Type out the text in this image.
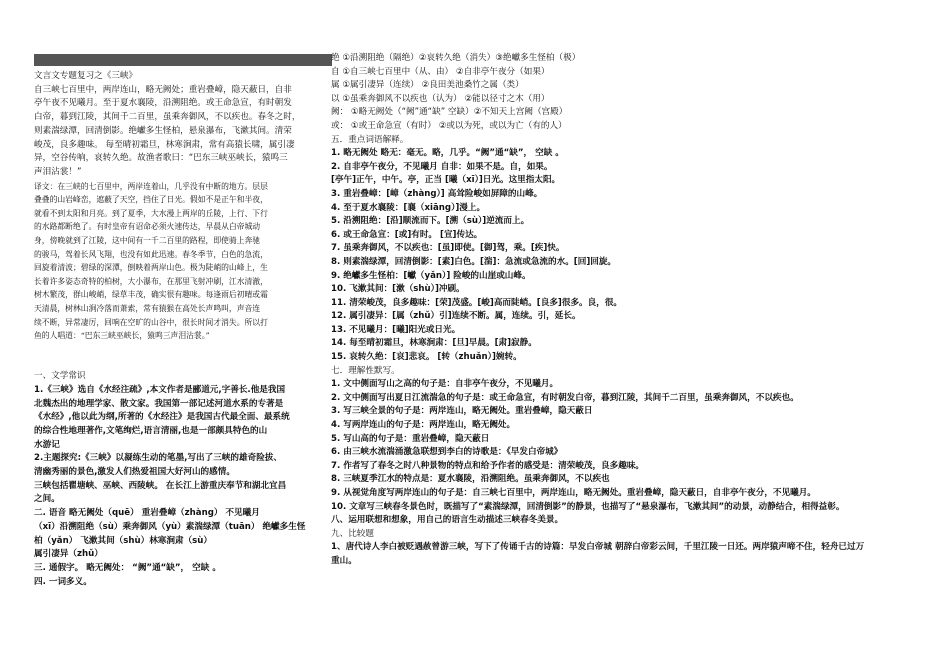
文言文专题复习之《三峡》
自三峡七百里中，两岸连山，略无阙处；重岩叠嶂，隐天蔽日，自非
亭午夜不见曦月。至于夏水襄陵，沿溯阻绝。或王命急宣，有时朝发
白帝，暮到江陵，其间千二百里，虽乘奔御风，不以疾也。春冬之时，
则素湍绿潭，回清倒影。绝巘多生怪柏，悬泉瀑布，飞漱其间。清荣
峻茂，良多趣味。 每至晴初霜旦，林寒涧肃，常有高猿长啸，属引凄
异，空谷传响，哀转久绝。故渔者歌曰：“巴东三峡巫峡长，猿鸣三
声泪沾裳！”
译文：在三峡的七百里中，两岸连着山，几乎没有中断的地方。层层
叠叠的山岩峰峦，遮蔽了天空，挡住了日光。假如不是正午和半夜，
就看不到太阳和月亮。到了夏季，大水漫上两岸的丘陵，上行、下行
的水路都断绝了。有时皇帝有诏命必须火速传达，早晨从白帝城动
身，傍晚就到了江陵，这中间有一千二百里的路程，即使骑上奔驰
的骏马，驾着长风飞翔，也没有如此迅速。春冬季节，白色的急流，
回旋着清波；碧绿的深潭，倒映着两岸山色。极为陡峭的山峰上，生
长着许多姿态奇特的柏树，大小瀑布，在那里飞射冲刷，江水清澈，
树木繁茂，群山峻峭，绿草丰茂，确实很有趣味。每逢雨后初晴或霜
天清晨，树林山涧冷落而萧索，常有猿猴在高处长声鸣叫，声音连
续不断，异常凄厉，回响在空旷的山谷中，很长时间才消失。所以打
鱼的人唱道：“巴东三峡巫峡长，猿鸣三声泪沾裳。”
一、文学常识
1.《三峡》选自《水经注疏》,本文作者是郦道元,字善长.他是我国
北魏杰出的地理学家、散文家。我国第一部记述河道水系的专著是
《水经》,他以此为纲,所著的《水经注》是我国古代最全面、最系统
的综合性地理著作,文笔绚烂,语言清丽,也是一部颇具特色的山
水游记
2.主题探究:《三峡》以凝练生动的笔墨,写出了三峡的雄奇险拔、
清幽秀丽的景色,激发人们热爱祖国大好河山的感情。
三峡包括瞿塘峡、巫峡、西陵峡。 在长江上游重庆奉节和湖北宜昌
之间。
二. 语音 略无阙处（quē） 重岩叠嶂（zhàng） 不见曦月
（xī）沿溯阻绝（sù）乘奔御风（yù）素湍绿潭（tuān） 绝巘多生怪
柏（yǎn） 飞漱其间（shù）林寒涧肃（sù）
属引凄异（zhǔ）
三. 通假字。 略无阙处： “阙”通“缺”， 空缺 。
四. 一词多义。
绝 ①沿溯阻绝（隔绝）②哀转久绝（消失）③绝巘多生怪柏（极）
自 ①自三峡七百里中（从、由） ②自非亭午夜分（如果）
属 ①属引凄异（连续） ②良田美池桑竹之属（类）
以 ①虽乘奔御风不以疾也（认为） ②能以径寸之木（用）
阙： ①略无阙处（“阙”通“缺” 空缺）②不知天上宫阙（宫殿）
或： ①或王命急宣（有时） ②或以为死，或以为亡（有的人）
五．重点词语解释。
1. 略无阙处 略无：毫无。略，几乎。“阙”通“缺”， 空缺 。
2. 自非亭午夜分，不见曦月 自非：如果不是。自，如果。
[亭午]正午，中午。亭，正当 [曦（xī）]日光。这里指太阳。
3. 重岩叠嶂：[嶂（zhàng）] 高耸险峻如屏障的山峰。
4. 至于夏水襄陵：[襄（xiāng）]漫上。
5. 沿溯阻绝：[沿]顺流而下。[溯（sù）]逆流而上。
6. 或王命急宣：[或]有时。 [宣]传达。
7. 虽乘奔御风，不以疾也：[虽]即使。[御]驾，乘。[疾]快。
8. 则素湍绿潭，回清倒影：[素]白色。[湍]：急流或急流的水。[回]回旋。
9. 绝巘多生怪柏：[巘（yǎn）] 险峻的山崖或山峰。
10. 飞漱其间：[漱（shù）]冲刷。
11. 清荣峻茂，良多趣味：[荣]茂盛。[峻]高而陡峭。[良多]很多。良，很。
12. 属引凄异：[属（zhǔ）引]连续不断。属，连续。引，延长。
13. 不见曦月：[曦]阳光或日光。
14. 每至晴初霜旦，林寒涧肃：[旦]早晨。[肃]寂静。
15. 哀转久绝：[哀]悲哀。 [转（zhuǎn）]婉转。
七．理解性默写。
1. 文中侧面写山之高的句子是：自非亭午夜分，不见曦月。
2. 文中侧面写出夏日江流湍急的句子是：或王命急宣，有时朝发白帝，暮到江陵，其间千二百里，虽乘奔御风，不以疾也。
3. 写三峡全景的句子是：两岸连山，略无阙处。重岩叠嶂，隐天蔽日
4. 写两岸连山的句子是：两岸连山，略无阙处。
5. 写山高的句子是：重岩叠嶂，隐天蔽日
6. 由三峡水流湍涌激急联想到李白的诗歌是：《早发白帝城》
7. 作者写了春冬之时八种景物的特点和给予作者的感受是：清荣峻茂，良多趣味。
8. 三峡夏季江水的特点是：夏水襄陵，沿溯阻绝。虽乘奔御风，不以疾也
9. 从视觉角度写两岸连山的句子是：自三峡七百里中，两岸连山，略无阙处。重岩叠嶂，隐天蔽日，自非亭午夜分，不见曦月。
10. 文章写三峡春冬景色时，既描写了“素湍绿潭，回清倒影”的静景，也描写了“悬泉瀑布，飞漱其间”的动景，动静结合，相得益彰。
八、运用联想和想象，用自己的语言生动描述三峡春冬美景。
九、比较题
1、唐代诗人李白被贬遇赦曾游三峡，写下了传诵千古的诗篇：早发白帝城 朝辞白帝彩云间，千里江陵一日还。两岸猿声啼不住，轻舟已过万
重山。
